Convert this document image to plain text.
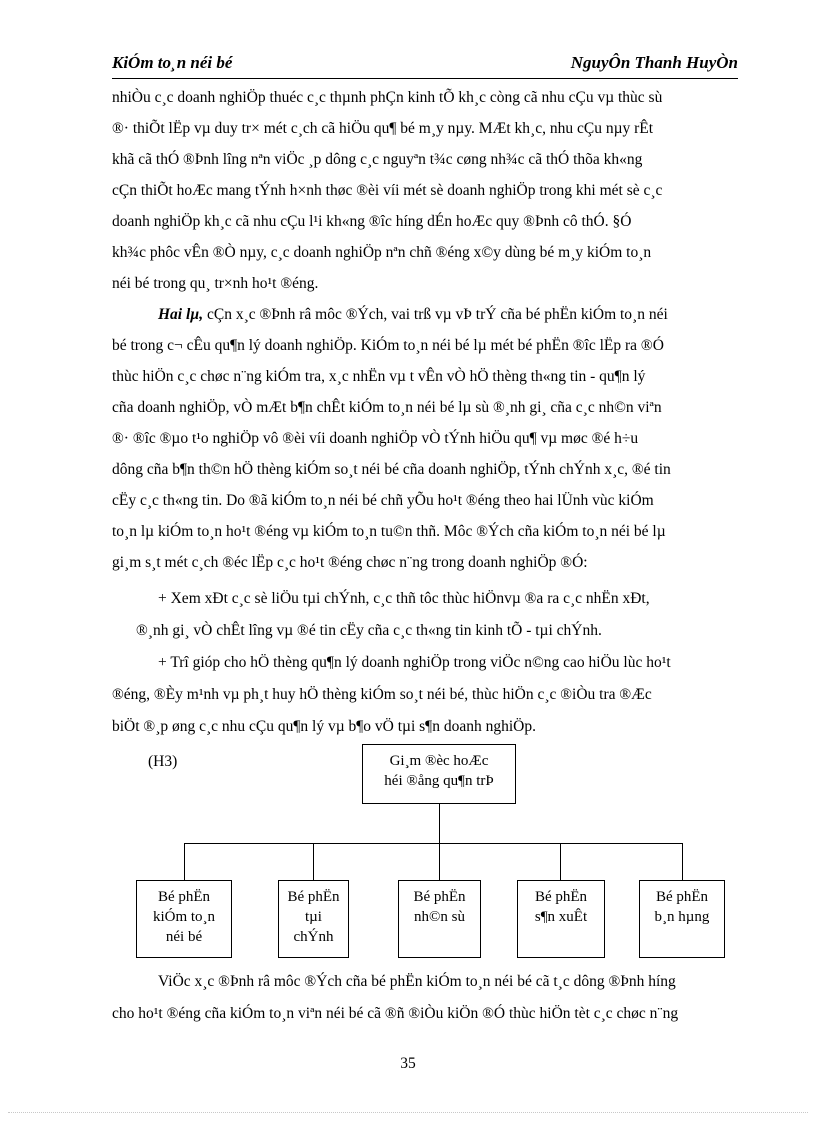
KiÓm to¸n néi bé	NguyÔn Thanh HuyÒn
nhiÒu c¸c doanh nghiÖp thuéc c¸c thµnh phÇn kinh tÕ kh¸c còng cã nhu cÇu vµ thùc sù
®· thiÕt lËp vµ duy tr× mét c¸ch cã hiÖu qu¶ bé m¸y nµy. MÆt kh¸c, nhu cÇu nµy rÊt
khã cã thÓ ®Þnh lîng nªn viÖc ¸p dông c¸c nguyªn t¾c cøng nh¾c cã thÓ thõa kh«ng
cÇn thiÕt hoÆc mang tÝnh h×nh thøc ®èi víi mét sè doanh nghiÖp trong khi mét sè c¸c
doanh nghiÖp kh¸c cã nhu cÇu l¹i kh«ng ®îc híng dÉn hoÆc quy ®Þnh cô thÓ. §Ó
kh¾c phôc vÊn ®Ò nµy, c¸c doanh nghiÖp nªn chñ ®éng x©y dùng bé m¸y kiÓm to¸n
néi bé trong qu¸ tr×nh ho¹t ®éng.
Hai lµ, cÇn x¸c ®Þnh râ môc ®Ých, vai trß vµ vÞ trÝ cña bé phËn kiÓm to¸n néi
bé trong c¬ cÊu qu¶n lý doanh nghiÖp. KiÓm to¸n néi bé lµ mét bé phËn ®îc lËp ra ®Ó
thùc hiÖn c¸c chøc n¨ng kiÓm tra, x¸c nhËn vµ t vÊn vÒ hÖ thèng th«ng tin - qu¶n lý
cña doanh nghiÖp, vÒ mÆt b¶n chÊt kiÓm to¸n néi bé lµ sù ®¸nh gi¸ cña c¸c nh©n viªn
®· ®îc ®µo t¹o nghiÖp vô ®èi víi doanh nghiÖp vÒ tÝnh hiÖu qu¶ vµ møc ®é h÷u
dông cña b¶n th©n hÖ thèng kiÓm so¸t néi bé cña doanh nghiÖp, tÝnh chÝnh x¸c, ®é tin
cËy c¸c th«ng tin. Do ®ã kiÓm to¸n néi bé chñ yÕu ho¹t ®éng theo hai lÜnh vùc kiÓm
to¸n lµ kiÓm to¸n ho¹t ®éng vµ kiÓm to¸n tu©n thñ. Môc ®Ých cña kiÓm to¸n néi bé lµ
gi¸m s¸t mét c¸ch ®éc lËp c¸c ho¹t ®éng chøc n¨ng trong doanh nghiÖp ®Ó:
+ Xem xÐt c¸c sè liÖu tµi chÝnh, c¸c thñ tôc thùc hiÖnvµ ®a ra c¸c nhËn xÐt,
®¸nh gi¸ vÒ chÊt lîng vµ ®é tin cËy cña c¸c th«ng tin kinh tÕ - tµi chÝnh.
+ Trî gióp cho hÖ thèng qu¶n lý doanh nghiÖp trong viÖc n©ng cao hiÖu lùc ho¹t
®éng, ®Èy m¹nh vµ ph¸t huy hÖ thèng kiÓm so¸t néi bé, thùc hiÖn c¸c ®iÒu tra ®Æc
biÖt ®¸p øng c¸c nhu cÇu qu¶n lý vµ b¶o vÖ tµi s¶n doanh nghiÖp.
(H3)	Gi¸m ®èc hoÆc
héi ®ång qu¶n trÞ
Bé phËn
kiÓm to¸n
néi bé
Bé phËn
tµi
chÝnh
Bé phËn
nh©n sù
Bé phËn
s¶n xuÊt
Bé phËn
b¸n hµng
ViÖc x¸c ®Þnh râ môc ®Ých cña bé phËn kiÓm to¸n néi bé cã t¸c dông ®Þnh híng
cho ho¹t ®éng cña kiÓm to¸n viªn néi bé cã ®ñ ®iÒu kiÖn ®Ó thùc hiÖn tèt c¸c chøc n¨ng
35
